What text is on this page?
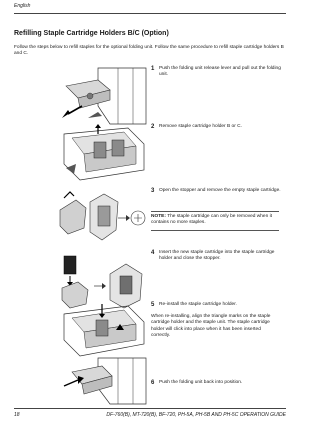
English
Refilling Staple Cartridge Holders B/C (Option)
Follow the steps below to refill staples for the optional folding unit. Follow the same procedure to refill staple cartridge holders B and C.
1 Push the folding unit release lever and pull out the folding unit.
2 Remove staple cartridge holder B or C.
3 Open the stopper and remove the empty staple cartridge.
NOTE: The staple cartridge can only be removed when it contains no more staples.
4 Insert the new staple cartridge into the staple cartridge holder and close the stopper.
5 Re-install the staple cartridge holder.
When re-installing, align the triangle marks on the staple cartridge holder and the staple unit. The staple cartridge holder will click into place when it has been inserted correctly.
6 Push the folding unit back into position.
18	DF-760(B), MT-720(B), BF-720, PH-5A, PH-5B AND PH-5C OPERATION GUIDE
